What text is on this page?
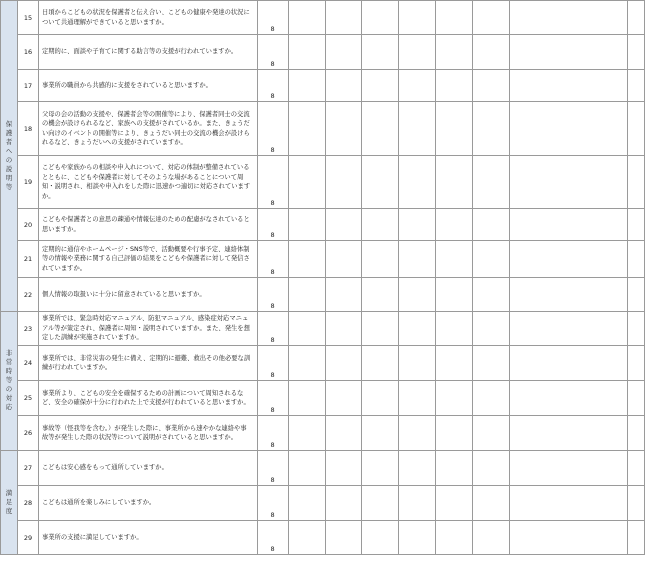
保護者への説明等	15	日頃からこどもの状況を保護者と伝え合い、こどもの健康や発達の状況について共通理解ができていると思いますか。	8								
	16	定期的に、面談や子育てに関する助言等の支援が行われていますか。	8								
	17	事業所の職員から共感的に支援をされていると思いますか。	8								
	18	父母の会の活動の支援や、保護者会等の開催等により、保護者同士の交流の機会が設けられるなど、家族への支援がされているか。また、きょうだい向けのイベントの開催等により、きょうだい同士の交流の機会が設けられるなど、きょうだいへの支援がされていますか。	8								
	19	こどもや家族からの相談や申入れについて、対応の体制が整備されているとともに、こどもや保護者に対してそのような場があることについて周知・説明され、相談や申入れをした際に迅速かつ適切に対応されていますか。	8								
	20	こどもや保護者との意思の疎通や情報伝達のための配慮がなされていると思いますか。	8								
	21	定期的に通信やホームページ・SNS等で、活動概要や行事予定、連絡体制等の情報や業務に関する自己評価の結果をこどもや保護者に対して発信されていますか。	8								
	22	個人情報の取扱いに十分に留意されていると思いますか。	8								
非常時等の対応	23	事業所では、緊急時対応マニュアル、防犯マニュアル、感染症対応マニュアル等が策定され、保護者に周知・説明されていますか。また、発生を想定した訓練が実施されていますか。	8								
	24	事業所では、非常災害の発生に備え、定期的に避難、救出その他必要な訓練が行われていますか。	8								
	25	事業所より、こどもの安全を確保するための計画について周知されるなど、安全の確保が十分に行われた上で支援が行われていると思いますか。	8								
	26	事故等（怪我等を含む。）が発生した際に、事業所から速やかな連絡や事故等が発生した際の状況等について説明がされていると思いますか。	8								
満足度	27	こどもは安心感をもって通所していますか。	8								
	28	こどもは通所を楽しみにしていますか。	8								
	29	事業所の支援に満足していますか。	8								
